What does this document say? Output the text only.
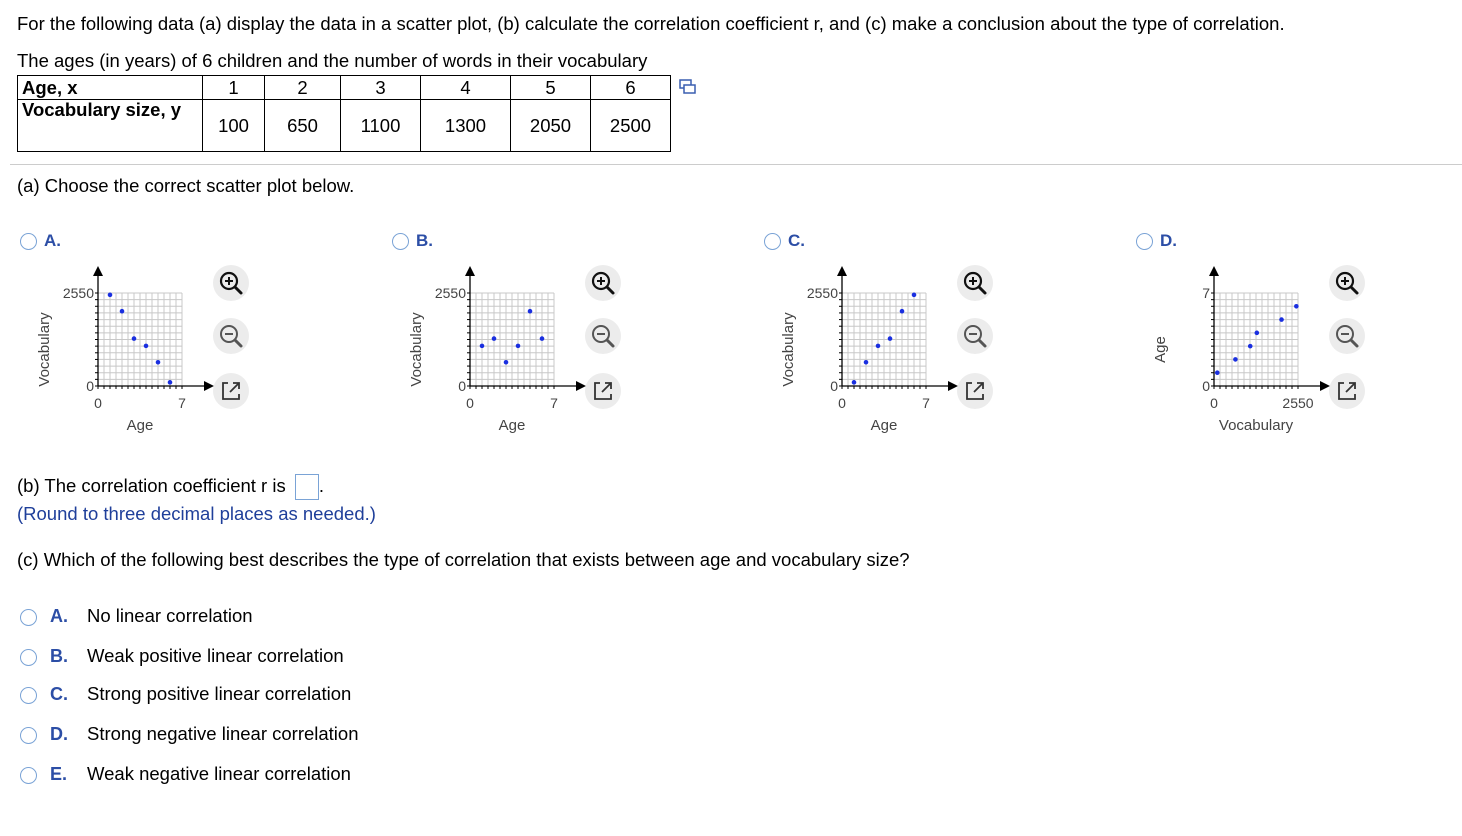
For the following data (a) display the data in a scatter plot, (b) calculate the correlation coefficient r, and (c) make a conclusion about the type of correlation.
The ages (in years) of 6 children and the number of words in their vocabulary
Age, x	1	2	3	4	5	6
Vocabulary size, y	100	650	1100	1300	2050	2500
(a) Choose the correct scatter plot below.
A.
2550
0
0	7
Age
Vocabulary
B.
2550
0
0	7
Age
Vocabulary
C.
2550
0
0	7
Age
Vocabulary
D.
7
0
0	2550
Vocabulary
Age
(b) The correlation coefficient r is .
(Round to three decimal places as needed.)
(c) Which of the following best describes the type of correlation that exists between age and vocabulary size?
A. No linear correlation
B. Weak positive linear correlation
C. Strong positive linear correlation
D. Strong negative linear correlation
E. Weak negative linear correlation
